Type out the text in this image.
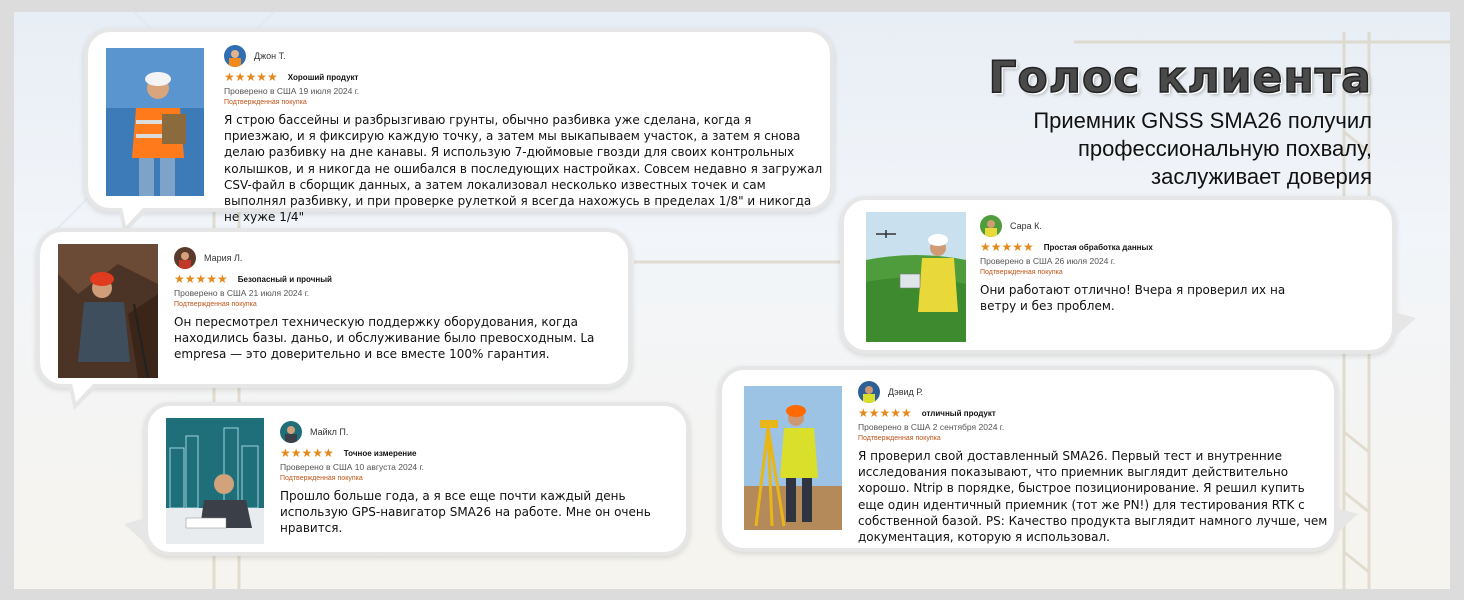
Голос клиента
Приемник GNSS SMA26 получил
профессиональную похвалу,
заслуживает доверия
Джон Т.
★★★★★ Хороший продукт
Проверено в США 19 июля 2024 г.
Подтвержденная покупка
Я строю бассейны и разбрызгиваю грунты, обычно разбивка уже сделана, когда я приезжаю, и я фиксирую каждую точку, а затем мы выкапываем участок, а затем я снова делаю разбивку на дне канавы. Я использую 7-дюймовые гвозди для своих контрольных колышков, и я никогда не ошибался в последующих настройках. Совсем недавно я загружал CSV-файл в сборщик данных, а затем локализовал несколько известных точек и сам выполнял разбивку, и при проверке рулеткой я всегда нахожусь в пределах 1/8" и никогда не хуже 1/4"
Мария Л.
★★★★★ Безопасный и прочный
Проверено в США 21 июля 2024 г.
Подтвержденная покупка
Он пересмотрел техническую поддержку оборудования, когда находились базы. даньо, и обслуживание было превосходным. La empresa — это доверительно и все вместе 100% гарантия.
Майкл П.
★★★★★ Точное измерение
Проверено в США 10 августа 2024 г.
Подтвержденная покупка
Прошло больше года, а я все еще почти каждый день использую GPS-навигатор SMA26 на работе. Мне он очень нравится.
Сара К.
★★★★★ Простая обработка данных
Проверено в США 26 июля 2024 г.
Подтвержденная покупка
Они работают отлично! Вчера я проверил их на ветру и без проблем.
Дэвид Р.
★★★★★ отличный продукт
Проверено в США 2 сентября 2024 г.
Подтвержденная покупка
Я проверил свой доставленный SMA26. Первый тест и внутренние исследования показывают, что приемник выглядит действительно хорошо. Ntrip в порядке, быстрое позиционирование. Я решил купить еще один идентичный приемник (тот же PN!) для тестирования RTK с собственной базой. PS: Качество продукта выглядит намного лучше, чем документация, которую я использовал.
